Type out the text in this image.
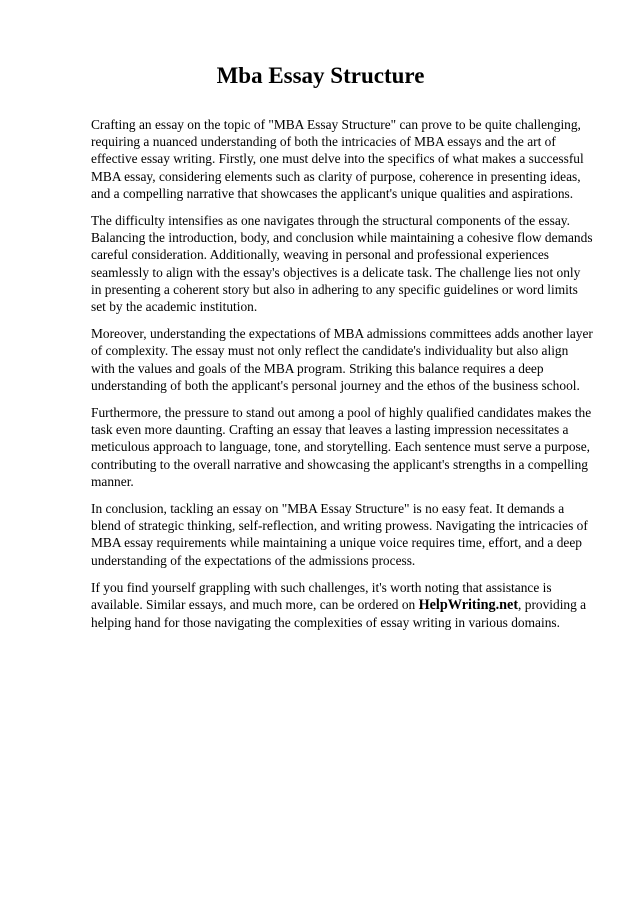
Mba Essay Structure

Crafting an essay on the topic of "MBA Essay Structure" can prove to be quite challenging, requiring a nuanced understanding of both the intricacies of MBA essays and the art of effective essay writing. Firstly, one must delve into the specifics of what makes a successful MBA essay, considering elements such as clarity of purpose, coherence in presenting ideas, and a compelling narrative that showcases the applicant's unique qualities and aspirations.

The difficulty intensifies as one navigates through the structural components of the essay. Balancing the introduction, body, and conclusion while maintaining a cohesive flow demands careful consideration. Additionally, weaving in personal and professional experiences seamlessly to align with the essay's objectives is a delicate task. The challenge lies not only in presenting a coherent story but also in adhering to any specific guidelines or word limits set by the academic institution.

Moreover, understanding the expectations of MBA admissions committees adds another layer of complexity. The essay must not only reflect the candidate's individuality but also align with the values and goals of the MBA program. Striking this balance requires a deep understanding of both the applicant's personal journey and the ethos of the business school.

Furthermore, the pressure to stand out among a pool of highly qualified candidates makes the task even more daunting. Crafting an essay that leaves a lasting impression necessitates a meticulous approach to language, tone, and storytelling. Each sentence must serve a purpose, contributing to the overall narrative and showcasing the applicant's strengths in a compelling manner.

In conclusion, tackling an essay on "MBA Essay Structure" is no easy feat. It demands a blend of strategic thinking, self-reflection, and writing prowess. Navigating the intricacies of MBA essay requirements while maintaining a unique voice requires time, effort, and a deep understanding of the expectations of the admissions process.

If you find yourself grappling with such challenges, it's worth noting that assistance is available. Similar essays, and much more, can be ordered on HelpWriting.net, providing a helping hand for those navigating the complexities of essay writing in various domains.
